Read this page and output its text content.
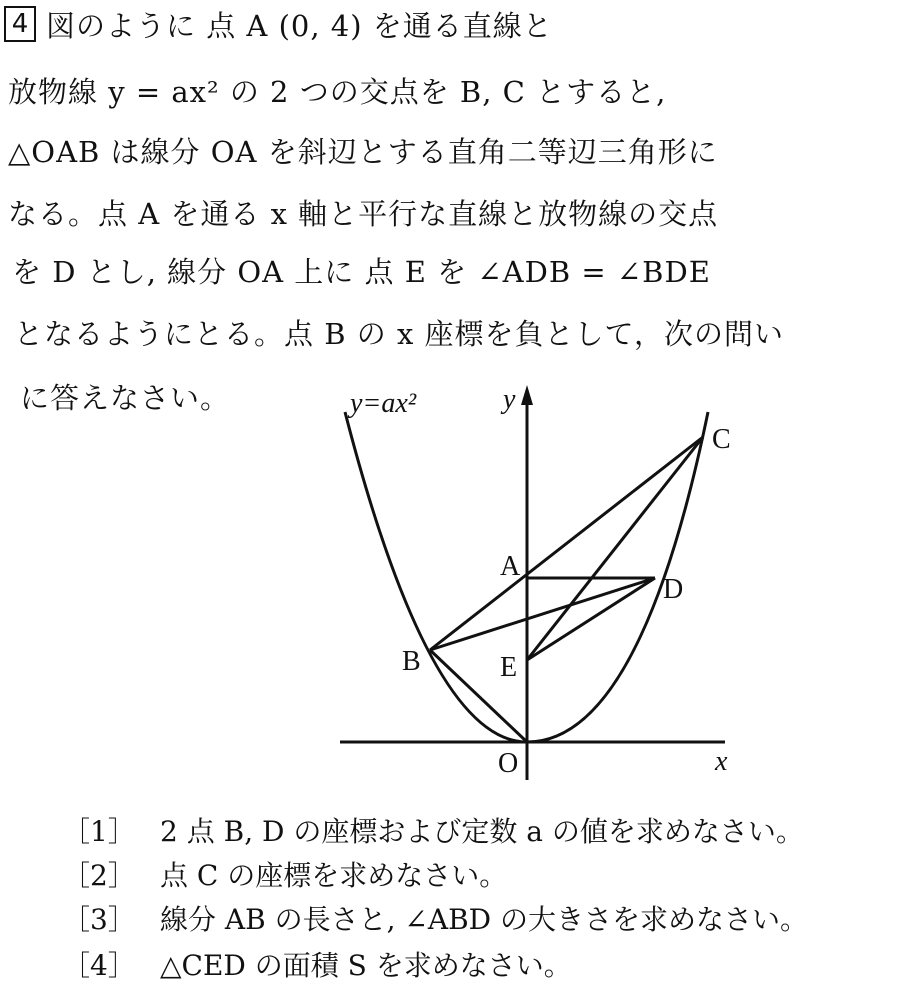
4 図のように 点 A (0, 4) を通る直線と
放物線 y = ax² の 2 つの交点を B, C とすると,
△OAB は線分 OA を斜辺とする直角二等辺三角形に
なる。点 A を通る x 軸と平行な直線と放物線の交点
を D とし, 線分 OA 上に 点 E を ∠ADB = ∠BDE
となるようにとる。点 B の x 座標を負として，次の問い
に答えなさい。	y=ax²	y
x
C
A
D
B	E
O
［1］ 2 点 B, D の座標および定数 a の値を求めなさい。
［2］ 点 C の座標を求めなさい。
［3］ 線分 AB の長さと, ∠ABD の大きさを求めなさい。
［4］ △CED の面積 S を求めなさい。
